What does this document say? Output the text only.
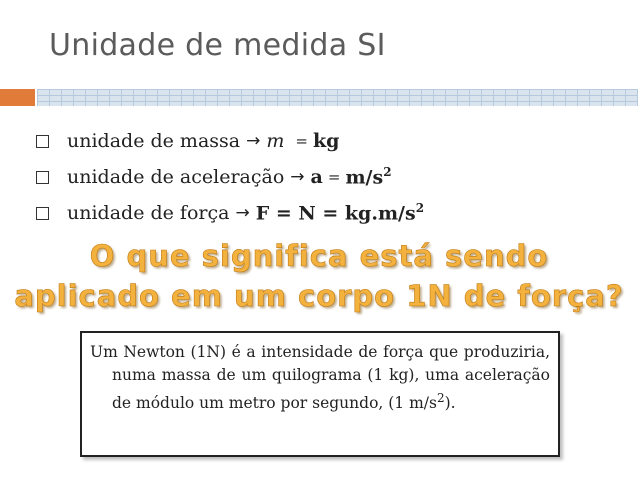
Unidade de medida SI
unidade de massa → m = kg
unidade de aceleração → $a = m/s^2$
unidade de força → $F = N = kg.m/s^2$
O que significa está sendo
aplicado em um corpo 1N de força?

Um Newton (1N) é a intensidade de força que produziria, numa massa de um quilograma (1 kg), uma aceleração de módulo um metro por segundo, (1 $m/s^2$).
